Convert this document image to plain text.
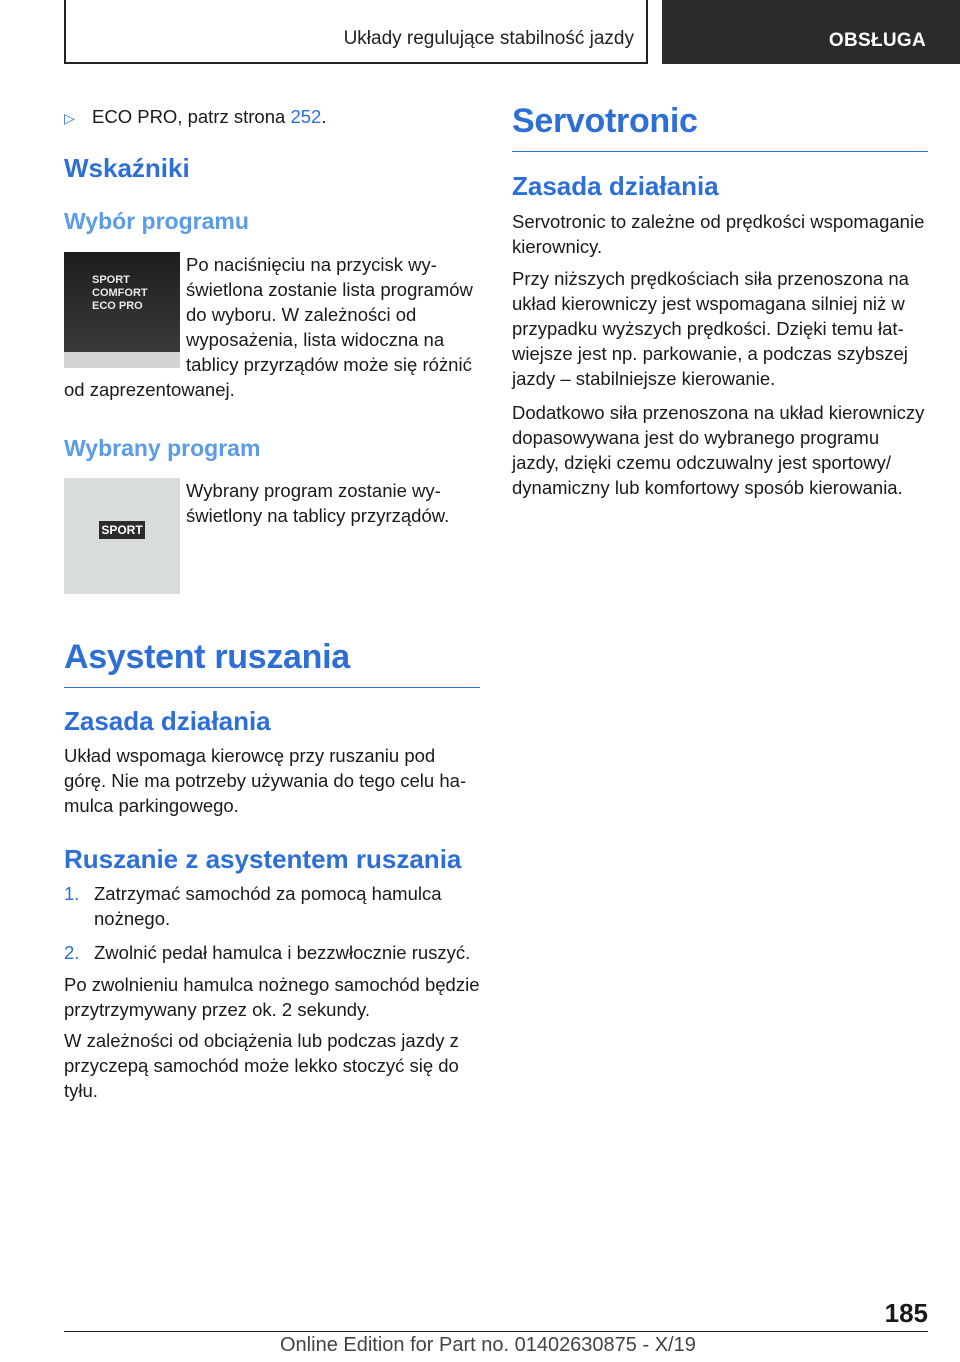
Układy regulujące stabilność jazdy	OBSŁUGA

▷ ECO PRO, patrz strona 252.

Wskaźniki
Wybór programu
SPORT
COMFORT
ECO PRO

Po naciśnięciu na przycisk wyświetlona zostanie lista programów do wyboru. W zależności od wyposażenia, lista widoczna na tablicy przyrządów może się różnić od zaprezentowanej.

Wybrany program
SPORT

Wybrany program zostanie wyświetlony na tablicy przyrządów.

Asystent ruszania
Zasada działania

Układ wspomaga kierowcę przy ruszaniu pod górę. Nie ma potrzeby używania do tego celu hamulca parkingowego.

Ruszanie z asystentem ruszania
1. Zatrzymać samochód za pomocą hamulca nożnego.
2. Zwolnić pedał hamulca i bezzwłocznie ruszyć.

Po zwolnieniu hamulca nożnego samochód będzie przytrzymywany przez ok. 2 sekundy.

W zależności od obciążenia lub podczas jazdy z przyczepą samochód może lekko stoczyć się do tyłu.

Servotronic
Zasada działania

Servotronic to zależne od prędkości wspomaganie kierownicy.

Przy niższych prędkościach siła przenoszona na układ kierowniczy jest wspomagana silniej niż w przypadku wyższych prędkości. Dzięki temu łatwiejsze jest np. parkowanie, a podczas szybszej jazdy – stabilniejsze kierowanie.

Dodatkowo siła przenoszona na układ kierowniczy dopasowywana jest do wybranego programu jazdy, dzięki czemu odczuwalny jest sportowy/ dynamiczny lub komfortowy sposób kierowania.

185
Online Edition for Part no. 01402630875 - X/19
